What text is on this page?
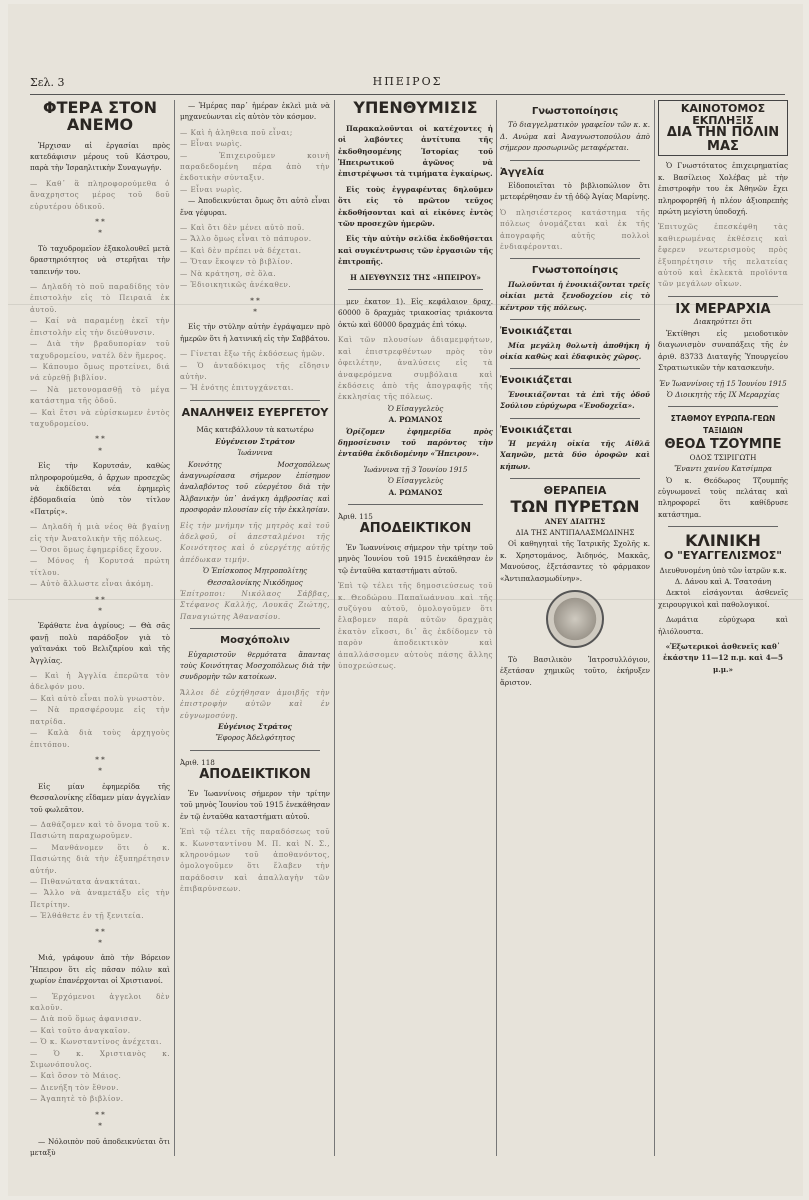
Σελ. 3	ΗΠΕΙΡΟΣ
ΦΤΕΡΑ ΣΤΟΝ ΑΝΕΜΟ

Ἠρχισαν αἱ ἐργασίαι πρὸς κατεδάφισιν μέρους τοῦ Κάστρου, παρὰ τὴν Ἰσραηλιτικὴν Συναγωγήν.

— Καθ᾽ ἃ πληροφορούμεθα ὁ ἄναχρηστος μέρος τοῦ δοῦ εὐρυτέρου ὁδικοῦ.
* *
*

Τὸ ταχυδρομεῖον ἐξακολουθεῖ μετὰ δραστηριότητος νὰ στερῆται τὴν ταπεινήν του.

— Δηλαδὴ τὸ ποῦ παραδίδης τὸν ἐπιστολὴν εἰς τὸ Πειραιᾶ ἐκ ἀυτοῦ.
— Καί νὰ παραμένῃ ἐκεῖ τὴν ἐπιστολὴν εἰς τὴν διεύθυνσιν.
— Διὰ τὴν βραδυπορίαν τοῦ ταχυδρομείου, νατέλ δὲν ἥμερος.
— Κάπουμο ὅμως προτείνει, διά νά εὑρεθῇ βιβλίον.
— Νὰ μετονομασθῇ τὸ μέγα κατάστημα τῆς ὁδοῦ.
— Καὶ ἔτσι νὰ εὑρίσκωμεν ἐντὸς ταχυδρομείου.
* *
*

Εἰς τὴν Κορυτσάν, καθὼς πληροφορούμεθα, ὁ ἄρχων προσεχῶς νὰ ἐκδίδεται νέα ἐφημερὶς ἑβδομαδιαία ὑπὸ τὸν τίτλον «Πατρίς».

— Δηλαδὴ ἡ μιὰ νέος θὰ βγαίνῃ εἰς τὴν Ἀνατολικὴν τῆς πόλεως.
— Ὁσοι ὅμως ἐφημερίδες ἔχουν.
— Μόνος ἡ Κορυτσά πρώτη τίτλου.
— Αὐτὸ ἄλλωστε εἶναι ἀκόμη.
* *
*

Ἐφάθατε ἐνα ἀγρίους; — Θὰ σᾶς φανῇ πολὺ παράδοξον γιὰ τὸ γαϊτανάκι τοῦ Βελιζαρίου καὶ τῆς Ἀγγλίας.

— Καὶ ἡ Ἀγγλία ἐπερῶτα τὸν ἀδελφόν μου.
— Καὶ αὐτὸ εἶναι πολὺ γνωστὸν.
— Νὰ πρασφέρουμε εἰς τὴν πατρίδα.
— Καλὰ διὰ τοὺς ἀρχηγοὺς ἐπιτόπου.
* *
*

Εἰς μίαν ἐφημερίδα τῆς Θεσσαλονίκης εἴδαμεν μίαν ἀγγελίαν τοῦ φωλεᾶτον.

— Δαθάζομεν καὶ τὸ ὄνομα τοῦ κ. Πασιώτη παραχωροῦμεν.
— Μανθάνομεν ὅτι ὁ κ. Πασιώτης διὰ τὴν ἐξυπηρέτησιν αὐτήν.
— Πιθανώτατα ἀνακτάται.
— Ἄλλο νὰ ἀναμετάξυ εἰς τὴν Πετρίτην.
— Ἐλθάθετε ἐν τῇ ξενιτεία.
* *
*

Μιά, γράφουν ἀπὸ τὴν Βόρειον Ἤπειρον ὅτι εἰς πᾶσαν πόλιν καὶ χωρίον ἐπανέρχονται οἱ Χριστιανοί.

— Ἐρχόμενοι ἀγγελοι δὲν καλοῦν.
— Διὰ ποῦ ὅμως ἀφανισαν.
— Καὶ τοῦτο ἀναγκαῖον.
— Ὁ κ. Κωνσταντίνος ἀνέχεται.
— Ὁ κ. Χριστιανὸς κ. Σιμωνόπουλος.
— Καὶ ὅσον τὸ Μάιος.
— Διενήξη τὸν ἔθνον.
— Ἀγαπητὲ τὸ βιβλίον.
* *
*

— Νόλοιπὸν ποῦ ἀποδεικνύεται ὅτι μεταξὺ

— Ἡμέρας παρ᾽ ἡμέραν ἐκλεὶ μιὰ νὰ μηχανεύωνται εἰς αὐτὸν τὸν κόσμον.

— Καὶ ἡ ἀληθεια ποῦ εἶναι;
— Εἶναι νωρὶς.
— Ἐπιχειροῦμεν κοινὴ παραδεδομένη πέρα ἀπὸ τὴν ἐκδοτικὴν σύνταξιν.
— Εἶναι νωρὶς.

— Ἀποδεικνύεται ὅμως ὅτι αὐτὸ εἶναι ἕνα γέφυραι.

— Καὶ ὅτι δὲν μένει αὐτὸ ποῦ.
— Ἄλλο ὅμως εἶναι τὸ πάπυρον.
— Καὶ δὲν πρέπει νὰ δέχεται.
— Ὅταν ἔκοψεν τὸ βιβλίον.
— Νὰ κράτηση, σὲ ὅλα.
— Ἐδιοικητικῶς ἀνέκαθεν.
* *
*

Εἰς τὴν στύλην αὐτὴν ἐγράψαμεν πρὸ ἡμερῶν ὅτι ἡ λατινική εἰς τὴν Σαββάτου.

— Γίνεται ἔξω τῆς ἐκδόσεως ἡμῶν.
— Ὁ ἀνταδόκιμος τῆς εἴδησιν αὐτὴν.
— Ἡ ἐνότης ἐπιτυγχάνεται.
ΑΝΑΛΗΨΕΙΣ ΕΥΕΡΓΕΤΟΥ
Μᾶς κατεβάλλουν τὰ κατωτέρω
Εὐγένειον Στράτον
Ἰωάννινα

Κοινότης Μοσχοπόλεως ἀναγνωρίσασα σήμερον ἐπίσημον ἀναλαβόντος τοῦ εὐεργέτου διὰ τὴν Ἀλβανικὴν ὑπ᾽ ἀνάγκη ἀμβροσίας καὶ προσφορὰν πλουσίαν εἰς τὴν ἐκκλησίαν.

Εἰς τὴν μνήμην τῆς μητρὸς καὶ τοῦ ἀδελφοῦ, οἱ ἀπεσταλμένοι τῆς Κοινότητος καὶ ὁ εὐεργέτης αὐτῆς ἀπέδωκαν τιμήν.
Ὁ Ἐπίσκοπος Μητροπολίτης Θεσσαλονίκης Νικόδημος
Ἐπίτροποι: Νικόλαος Σάββας, Στέφανος Καλλής, Λουκᾶς Ζιώτης, Παναγιώτης Ἀθανασίου.
Μοσχόπολιν

Εὐχαριστοῦν θερμότατα ἅπαντας τοὺς Κοινότητας Μοσχοπόλεως διὰ τὴν συνδρομὴν τῶν κατοίκων.

Ἄλλοι δὲ εὐχήθησαν ἀμοιβῆς τὴν ἐπιστροφὴν αὐτῶν καὶ ἐν εὐγνωμοσύνῃ.
Εὐγένιος Στράτος
Ἔφορος Ἀδελφότητος
Ἀριθ. 118
ΑΠΟΔΕΙΚΤΙΚΟΝ

Ἐν Ἰωαννίνοις σήμερον τὴν τρίτην τοῦ μηνὸς Ἰουνίου τοῦ 1915 ἐνεκάθησαν ἐν τῷ ἐνταῦθα καταστήματι αὐτοῦ.

Ἐπὶ τῷ τέλει τῆς παραδόσεως τοῦ κ. Κωνσταντίνου Μ. Π. καὶ Ν. Σ., κληρονόμων τοῦ ἀποθανόντος, ὁμολογοῦμεν ὅτι ἔλαβεν τὴν παράδοσιν καὶ ἀπαλλαγὴν τῶν ἐπιβαρύνσεων.
ΥΠΕΝΘΥΜΙΣΙΣ

Παρακαλοῦνται οἱ κατέχοντες ἡ οἱ λαβόντες ἀντίτυπα τῆς ἐκδοθησομένης Ἱστορίας τοῦ Ἠπειρωτικοῦ ἀγῶνος νὰ ἐπιστρέψωσι τὰ τιμήματα ἐγκαίρως.

Εἰς τοὺς ἐγγραφέντας δηλοῦμεν ὅτι εἰς τὸ πρῶτον τεῦχος ἐκδοθήσονται καὶ αἱ εἰκόνες ἐντὸς τῶν προσεχῶν ἡμερῶν.

Εἰς τὴν αὐτὴν σελίδα ἐκδοθήσεται καὶ συγκέντρωσις τῶν ἐργασιῶν τῆς ἐπιτροπῆς.

Η ΔΙΕΥΘΥΝΣΙΣ ΤΗΣ «ΗΠΕΙΡΟΥ»

μεν ἐκατον 1). Εἰς κεφάλαιον δραχ. 60000 ὅ δραχμὰς τριακοσίας τριάκοντα ὀκτὼ καὶ 60000 δραχμάς ἐπὶ τόκῳ.

Καὶ τῶν πλουσίων ἀδιαμεμφήτων, καὶ ἐπιστρεφθέντων πρὸς τὸν ὀφειλέτην, ἀναλύσεις εἰς τὰ ἀναφερόμενα συμβόλαια καὶ ἐκδόσεις ἀπὸ τῆς ἀπογραφῆς τῆς ἐκκλησίας τῆς πόλεως.
Ὁ Εἰσαγγελεὺς
Α. ΡΩΜΑΝΟΣ

Ὁρίζομεν ἐφημερίδα πρὸς δημοσίευσιν τοῦ παρόντος τὴν ἐνταῦθα ἐκδιδομένην «Ἤπειρον».

Ἰωάννινα τῇ 3 Ἰουνίου 1915
Ὁ Εἰσαγγελεὺς
Α. ΡΩΜΑΝΟΣ
Ἀριθ. 115
ΑΠΟΔΕΙΚΤΙΚΟΝ

Ἐν Ἰωαννίνοις σήμερον τὴν τρίτην τοῦ μηνὸς Ἰουνίου τοῦ 1915 ἐνεκάθησαν ἐν τῷ ἐνταῦθα καταστήματι αὐτοῦ.

Ἐπὶ τῷ τέλει τῆς δημοσιεύσεως τοῦ κ. Θεοδώρου Παπαϊωάννου καὶ τῆς συζύγου αὐτοῦ, ὁμολογοῦμεν ὅτι ἔλαβομεν παρὰ αὐτῶν δραχμὰς ἑκατὸν εἴκοσι, δι᾽ ἃς ἐκδίδομεν τὸ παρὸν ἀποδεικτικὸν καὶ ἀπαλλάσσομεν αὐτοὺς πάσης ἄλλης ὑποχρεώσεως.
Γνωστοποίησις

Τὸ διαγγελματικὸν γραφεῖον τῶν κ. κ. Δ. Ανώμα καὶ Ἀναγνωστοπούλου ἀπὸ σήμερον προσωρινῶς μεταφέρεται.

Ἀγγελία

Εἰδοποιεῖται τὸ βιβλιοπώλιον ὅτι μετεφέρθησαν ἐν τῇ ὁδῷ Ἁγίας Μαρίνης.

Ὁ πλησιέστερος κατάστημα τῆς πόλεως ὀνομάζεται καὶ ἐκ τῆς ἀπογραφῆς αὐτῆς πολλοὶ ἐνδιαφέρονται.
Γνωστοποίησις

Πωλοῦνται ἡ ἐνοικιάζονται τρεῖς οἰκίαι μετὰ ξενοδοχείου εἰς τὸ κέντρον τῆς πόλεως.

Ἐνοικιάζεται

Μία μεγάλη θολωτὴ ἀποθήκη ἡ οἰκία καθὼς καὶ ἐδαφικὸς χῶρος.

Ἐνοικιάζεται

Ἐνοικιάζονται τὰ ἐπὶ τῆς ὁδοῦ Σούλιου εὐρύχωρα «Ἑνοδοχεῖα».

Ἐνοικιάζεται

Ἡ μεγάλη οἰκία τῆς Αἰθλᾶ Χαηνῶν, μετὰ δύο ὀροφῶν καὶ κήπων.

ΘΕΡΑΠΕΙΑ
ΤΩΝ ΠΥΡΕΤΩΝ
ΑΝΕΥ ΔΙΑΙΤΗΣ
ΔΙΑ ΤΗΣ ΑΝΤΙΠΑΛΑΣΜΩΔΙΝΗΣ

Οἱ καθηγηταὶ τῆς Ἰατρικῆς Σχολῆς κ. κ. Χρηστομάνος, Ἀιδηνός, Μακκᾶς, Μανούσος, ἐξετάσαντες τὸ φάρμακον «Ἀντιπαλασμωδίνην».

Τὸ Βασιλικὸν Ἰατροσυλλόγιον, ἐξετάσαν χημικῶς τοῦτο, ἐκήρυξεν ἄριστον.

ΚΑΙΝΟΤΟΜΟΣ ΕΚΠΛΗΞΙΣ
ΔΙΑ ΤΗΝ ΠΟΛΙΝ ΜΑΣ

Ὁ Γνωστότατος ἐπιχειρηματίας κ. Βασίλειος Χολέβας μὲ τὴν ἐπιστροφὴν του ἐκ Ἀθηνῶν ἔχει πληροφορηθῆ ἡ πλέον ἀξιοπρεπὴς πρώτη μεγίστη ὑποδοχή.

Ἐπιτυχῶς ἐπεσκέφθη τὰς καθιερωμένας ἐκθέσεις καὶ ἔφερεν νεωτερισμοὺς πρὸς ἐξυπηρέτησιν τῆς πελατείας αὐτοῦ καὶ ἐκλεκτὰ προϊόντα τῶν μεγάλων οἴκων.
IX ΜΕΡΑΡΧΙΑ
Διακηρύττει ὅτι

Ἐκτίθησι εἰς μειοδοτικὸν διαγωνισμὸν συναπάξεις τῆς ἐν ἀριθ. 83733 Διαταγῆς Ὑπουργείου Στρατιωτικῶν τὴν κατασκευὴν.

Ἐν Ἰωαννίνοις τῇ 15 Ἰουνίου 1915
Ὁ Διοικητὴς τῆς ΙΧ Μεραρχίας
ΣΤΑΘΜΟΥ ΕΥΡΩΠΑ-ΓΕΩΝ ΤΑΞΙΔΙΩΝ
ΘΕΟΔ ΤΖΟΥΜΠΕ
ΟΔΟΣ ΤΣΙΡΙΓΩΤΗ
Ἔναντι χανίου Κατσίμπρα

Ὁ κ. Θεόδωρος Τζουμπῆς εὐγνωμονεῖ τοὺς πελάτας καὶ πληροφορεῖ ὅτι καθίδρυσε κατάστημα.

ΚΛΙΝΙΚΗ
Ο "ΕΥΑΓΓΕΛΙΣΜΟΣ"
Διευθυνομένη ὑπὸ τῶν ἰατρῶν κ.κ. Δ. Δάνου καὶ Α. Τσατσάνη

Δεκτοὶ εἰσάγονται ἀσθενεῖς χειρουργικοὶ καὶ παθολογικοί.

Δωμάτια εὐρύχωρα καὶ ἡλιόλουστα.

«Ἐξωτερικοὶ ἀσθενεῖς καθ᾽ ἑκάστην 11—12 π.μ. καὶ 4—5 μ.μ.»
